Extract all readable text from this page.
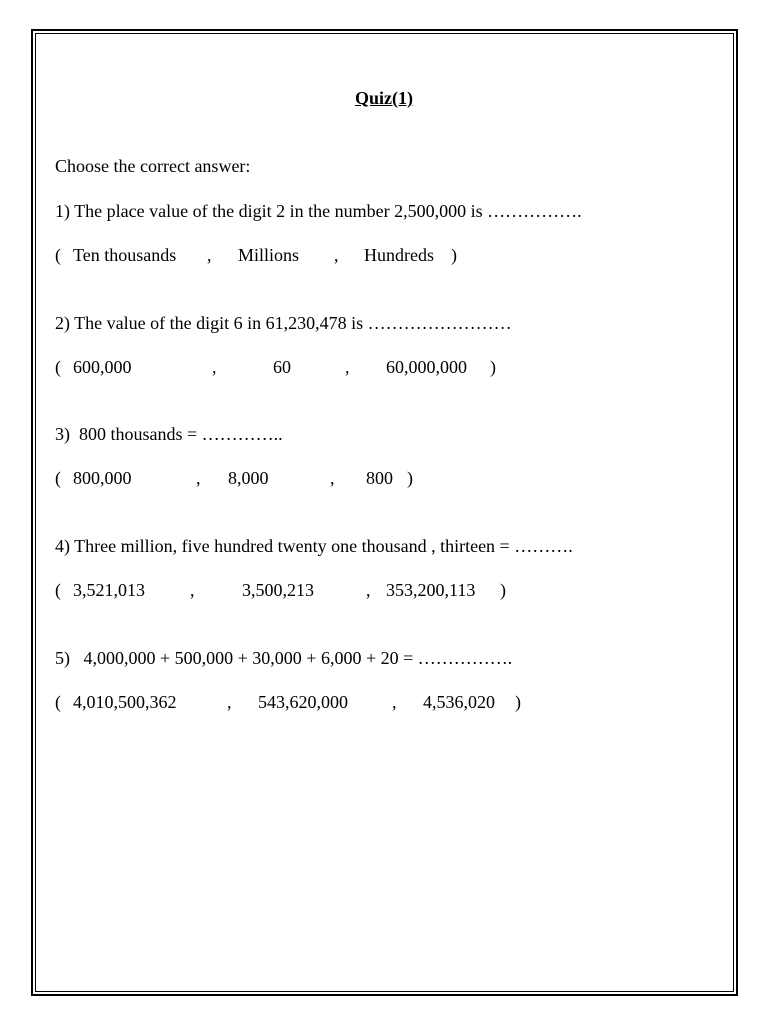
Quiz(1)

Choose the correct answer:

1) The place value of the digit 2 in the number 2,500,000 is …………….

( Ten thousands , Millions , Hundreds )

2) The value of the digit 6 in 61,230,478 is ……………………

( 600,000	,	60	, 60,000,000 )

3)  800 thousands = …………..

( 800,000	, 8,000	, 800 )

4) Three million, five hundred twenty one thousand , thirteen = ……….

( 3,521,013	,	3,500,213	, 353,200,113 )

5)   4,000,000 + 500,000 + 30,000 + 6,000 + 20 = …………….

( 4,010,500,362	, 543,620,000 , 4,536,020 )
